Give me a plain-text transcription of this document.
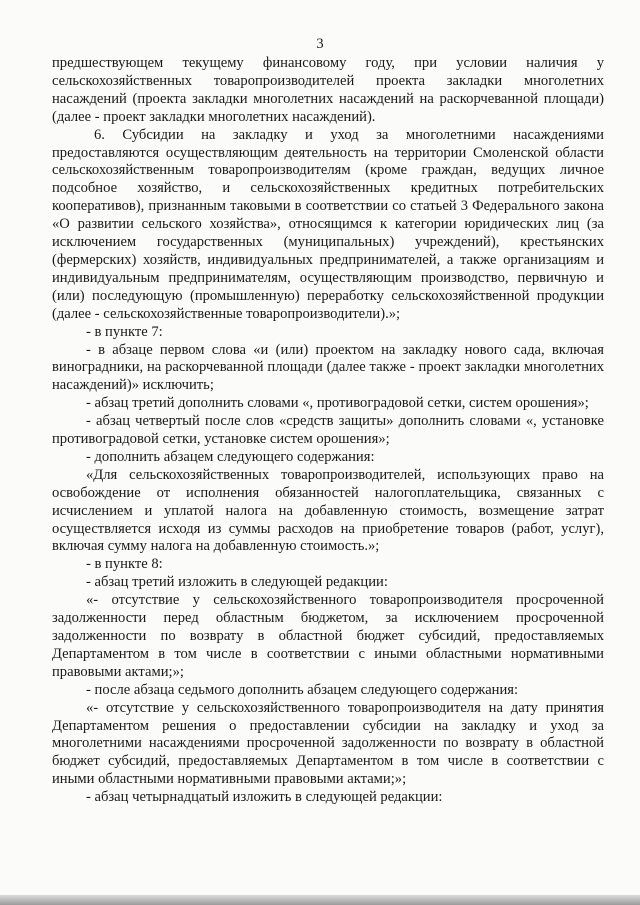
3

предшествующем текущему финансовому году, при условии наличия у сельскохозяйственных товаропроизводителей проекта закладки многолетних насаждений (проекта закладки многолетних насаждений на раскорчеванной площади) (далее - проект закладки многолетних насаждений).

6. Субсидии на закладку и уход за многолетними насаждениями предоставляются осуществляющим деятельность на территории Смоленской области сельскохозяйственным товаропроизводителям (кроме граждан, ведущих личное подсобное хозяйство, и сельскохозяйственных кредитных потребительских кооперативов), признанным таковыми в соответствии со статьей 3 Федерального закона «О развитии сельского хозяйства», относящимся к категории юридических лиц (за исключением государственных (муниципальных) учреждений), крестьянских (фермерских) хозяйств, индивидуальных предпринимателей, а также организациям и индивидуальным предпринимателям, осуществляющим производство, первичную и (или) последующую (промышленную) переработку сельскохозяйственной продукции (далее - сельскохозяйственные товаропроизводители).»;

- в пункте 7:

- в абзаце первом слова «и (или) проектом на закладку нового сада, включая виноградники, на раскорчеванной площади (далее также - проект закладки многолетних насаждений)» исключить;

- абзац третий дополнить словами «, противоградовой сетки, систем орошения»;

- абзац четвертый после слов «средств защиты» дополнить словами «, установке противоградовой сетки, установке систем орошения»;

- дополнить абзацем следующего содержания:

«Для сельскохозяйственных товаропроизводителей, использующих право на освобождение от исполнения обязанностей налогоплательщика, связанных с исчислением и уплатой налога на добавленную стоимость, возмещение затрат осуществляется исходя из суммы расходов на приобретение товаров (работ, услуг), включая сумму налога на добавленную стоимость.»;

- в пункте 8:

- абзац третий изложить в следующей редакции:

«- отсутствие у сельскохозяйственного товаропроизводителя просроченной задолженности перед областным бюджетом, за исключением просроченной задолженности по возврату в областной бюджет субсидий, предоставляемых Департаментом в том числе в соответствии с иными областными нормативными правовыми актами;»;

- после абзаца седьмого дополнить абзацем следующего содержания:

«- отсутствие у сельскохозяйственного товаропроизводителя на дату принятия Департаментом решения о предоставлении субсидии на закладку и уход за многолетними насаждениями просроченной задолженности по возврату в областной бюджет субсидий, предоставляемых Департаментом в том числе в соответствии с иными областными нормативными правовыми актами;»;

- абзац четырнадцатый изложить в следующей редакции:
